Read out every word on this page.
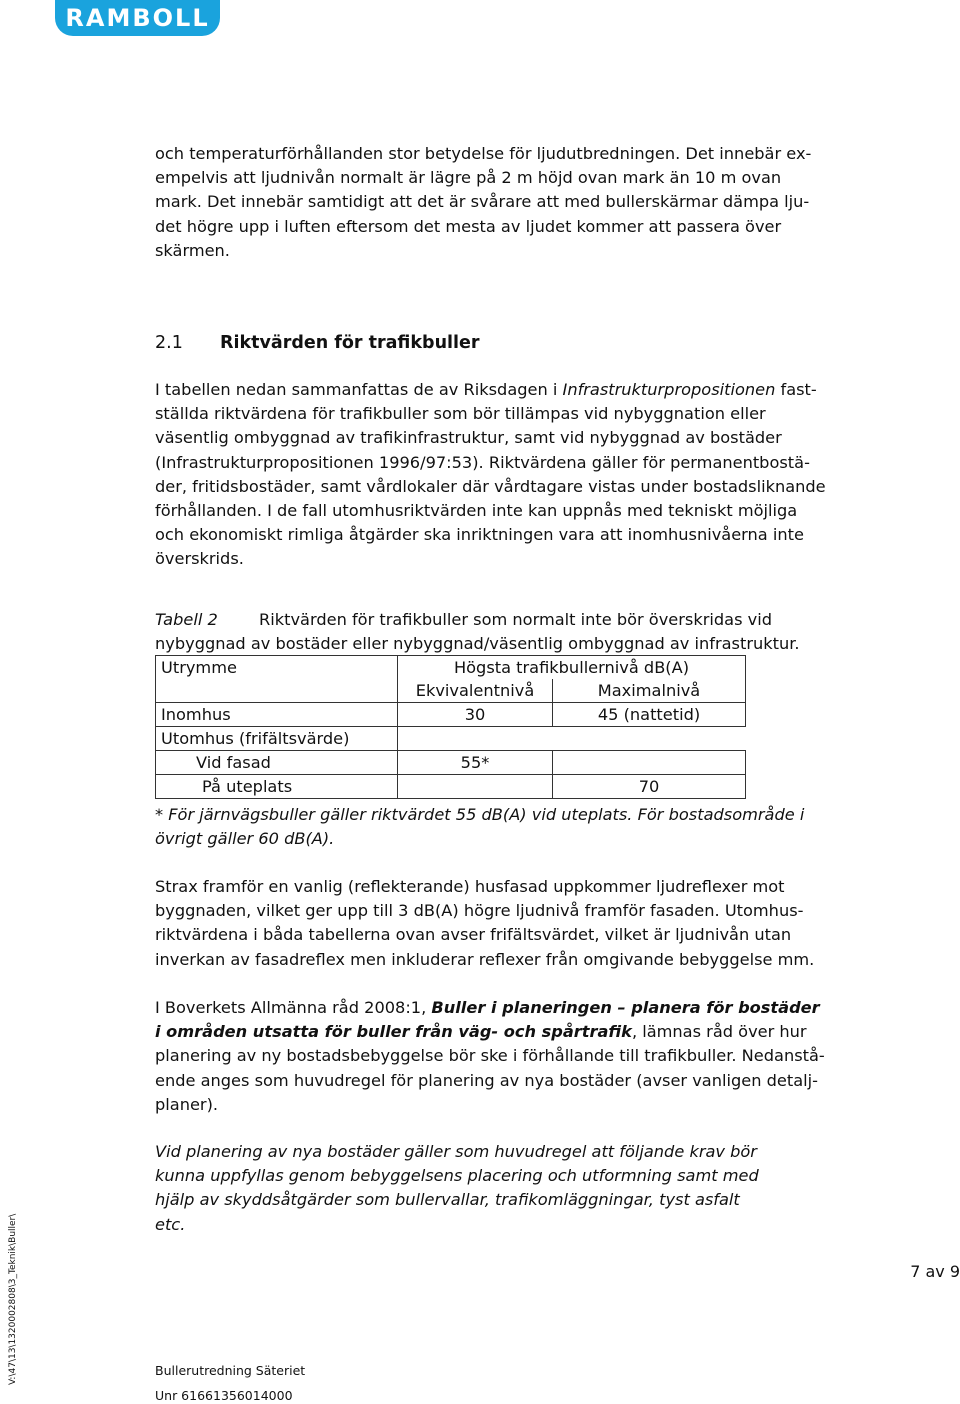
RAMBOLL
och temperaturförhållanden stor betydelse för ljudutbredningen. Det innebär ex-
empelvis att ljudnivån normalt är lägre på 2 m höjd ovan mark än 10 m ovan
mark. Det innebär samtidigt att det är svårare att med bullerskärmar dämpa lju-
det högre upp i luften eftersom det mesta av ljudet kommer att passera över
skärmen.
2.1 Riktvärden för trafikbuller
I tabellen nedan sammanfattas de av Riksdagen i Infrastrukturpropositionen fast-
ställda riktvärdena för trafikbuller som bör tillämpas vid nybyggnation eller
väsentlig ombyggnad av trafikinfrastruktur, samt vid nybyggnad av bostäder
(Infrastrukturpropositionen 1996/97:53). Riktvärdena gäller för permanentbostä-
der, fritidsbostäder, samt vårdlokaler där vårdtagare vistas under bostadsliknande
förhållanden. I de fall utomhusriktvärden inte kan uppnås med tekniskt möjliga
och ekonomiskt rimliga åtgärder ska inriktningen vara att inomhusnivåerna inte
överskrids.
Tabell 2	Riktvärden för trafikbuller som normalt inte bör överskridas vid
nybyggnad av bostäder eller nybyggnad/väsentlig ombyggnad av infrastruktur.
Utrymme	Högsta trafikbullernivå dB(A)	
	Ekvivalentnivå	Maximalnivå
Inomhus	30	45 (nattetid)
Utomhus (frifältsvärde)		
Vid fasad	55*	
På uteplats		70
* För järnvägsbuller gäller riktvärdet 55 dB(A) vid uteplats. För bostadsområde i
övrigt gäller 60 dB(A).
Strax framför en vanlig (reflekterande) husfasad uppkommer ljudreflexer mot
byggnaden, vilket ger upp till 3 dB(A) högre ljudnivå framför fasaden. Utomhus-
riktvärdena i båda tabellerna ovan avser frifältsvärdet, vilket är ljudnivån utan
inverkan av fasadreflex men inkluderar reflexer från omgivande bebyggelse mm.
I Boverkets Allmänna råd 2008:1, Buller i planeringen – planera för bostäder
i områden utsatta för buller från väg- och spårtrafik, lämnas råd över hur
planering av ny bostadsbebyggelse bör ske i förhållande till trafikbuller. Nedanstå-
ende anges som huvudregel för planering av nya bostäder (avser vanligen detalj-
planer).
Vid planering av nya bostäder gäller som huvudregel att följande krav bör
kunna uppfyllas genom bebyggelsens placering och utformning samt med
hjälp av skyddsåtgärder som bullervallar, trafikomläggningar, tyst asfalt
etc.
7 av 9
Bullerutredning Säteriet
Unr 61661356014000
V:\47\13\1320002808\3_Teknik\Buller\
